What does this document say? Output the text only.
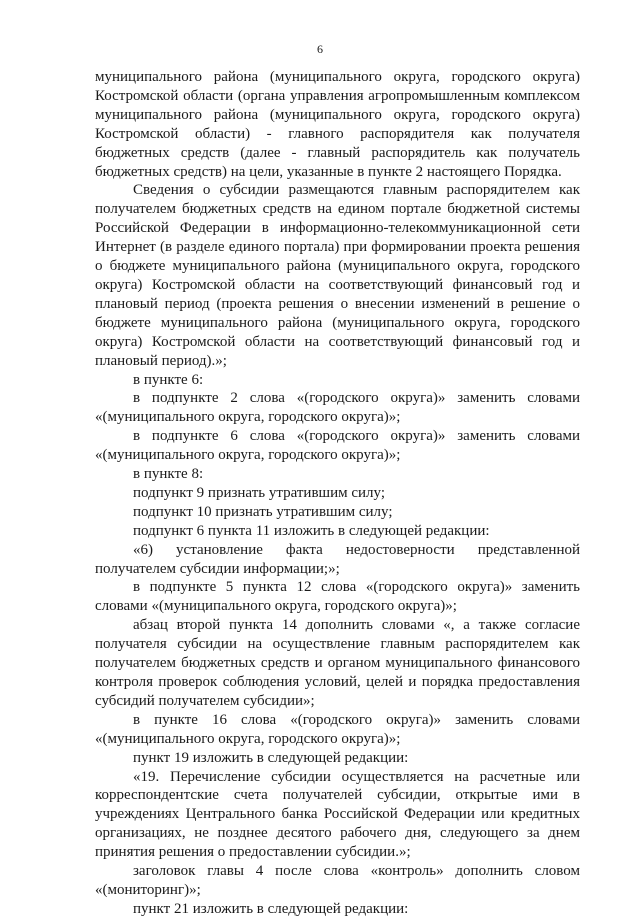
6

муниципального района (муниципального округа, городского округа) Костромской области (органа управления агропромышленным комплексом муниципального района (муниципального округа, городского округа) Костромской области) - главного распорядителя как получателя бюджетных средств (далее - главный распорядитель как получатель бюджетных средств) на цели, указанные в пункте 2 настоящего Порядка.

Сведения о субсидии размещаются главным распорядителем как получателем бюджетных средств на едином портале бюджетной системы Российской Федерации в информационно-телекоммуникационной сети Интернет (в разделе единого портала) при формировании проекта решения о бюджете муниципального района (муниципального округа, городского округа) Костромской области на соответствующий финансовый год и плановый период (проекта решения о внесении изменений в решение о бюджете муниципального района (муниципального округа, городского округа) Костромской области на соответствующий финансовый год и плановый период).»;

в пункте 6:

в подпункте 2 слова «(городского округа)» заменить словами «(муниципального округа, городского округа)»;

в подпункте 6 слова «(городского округа)» заменить словами «(муниципального округа, городского округа)»;

в пункте 8:

подпункт 9 признать утратившим силу;

подпункт 10 признать утратившим силу;

подпункт 6 пункта 11 изложить в следующей редакции:

«6) установление факта недостоверности представленной получателем субсидии информации;»;

в подпункте 5 пункта 12 слова «(городского округа)» заменить словами «(муниципального округа, городского округа)»;

абзац второй пункта 14 дополнить словами «, а также согласие получателя субсидии на осуществление главным распорядителем как получателем бюджетных средств и органом муниципального финансового контроля проверок соблюдения условий, целей и порядка предоставления субсидий получателем субсидии»;

в пункте 16 слова «(городского округа)» заменить словами «(муниципального округа, городского округа)»;

пункт 19 изложить в следующей редакции:

«19. Перечисление субсидии осуществляется на расчетные или корреспондентские счета получателей субсидии, открытые ими в учреждениях Центрального банка Российской Федерации или кредитных организациях, не позднее десятого рабочего дня, следующего за днем принятия решения о предоставлении субсидии.»;

заголовок главы 4 после слова «контроль» дополнить словом «(мониторинг)»;

пункт 21 изложить в следующей редакции:
